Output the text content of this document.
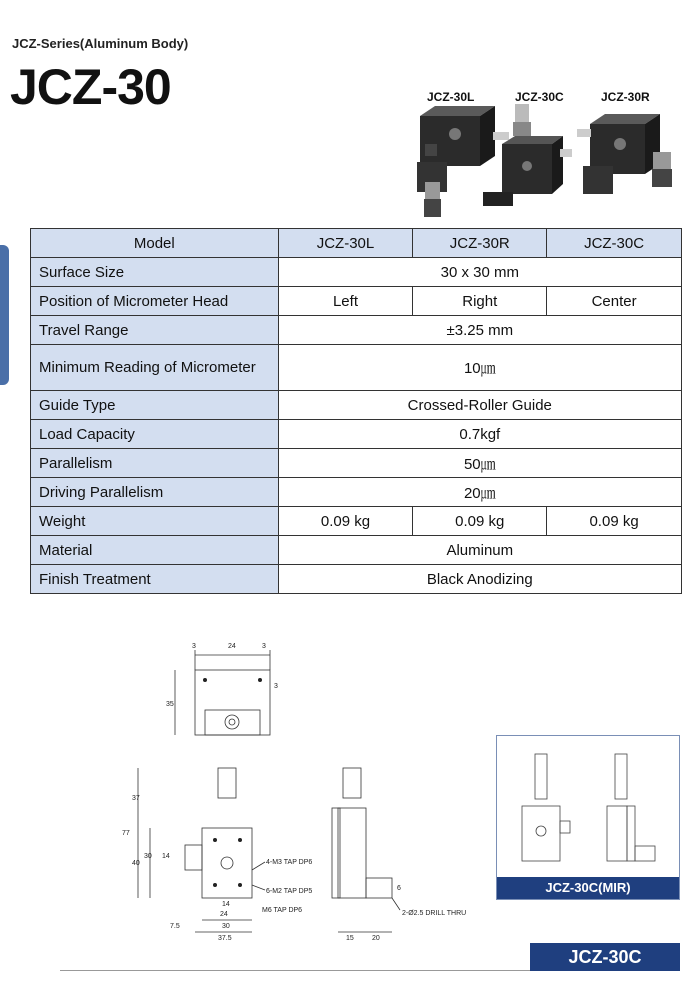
JCZ-Series(Aluminum Body)
JCZ-30	JCZ-30L	JCZ-30C	JCZ-30R
Model	JCZ-30L	JCZ-30R	JCZ-30C
Surface Size	30 x 30 mm		
Position of Micrometer Head	Left	Right	Center
Travel Range	±3.25 mm		
Minimum Reading of Micrometer	10㎛		
Guide Type	Crossed-Roller Guide		
Load Capacity	0.7kgf		
Parallelism	50㎛		
Driving Parallelism	20㎛		
Weight	0.09 kg	0.09 kg	0.09 kg
Material	Aluminum		
Finish Treatment	Black Anodizing		
3	24	3
35
3
77
37
40
30 14
14
24
30
7.5
37.5
4-M3 TAP DP6
6-M2 TAP DP5
M6 TAP DP6	2-Ø2.5 DRILL THRU
15	20
6	JCZ-30C(MIR)
JCZ-30C
